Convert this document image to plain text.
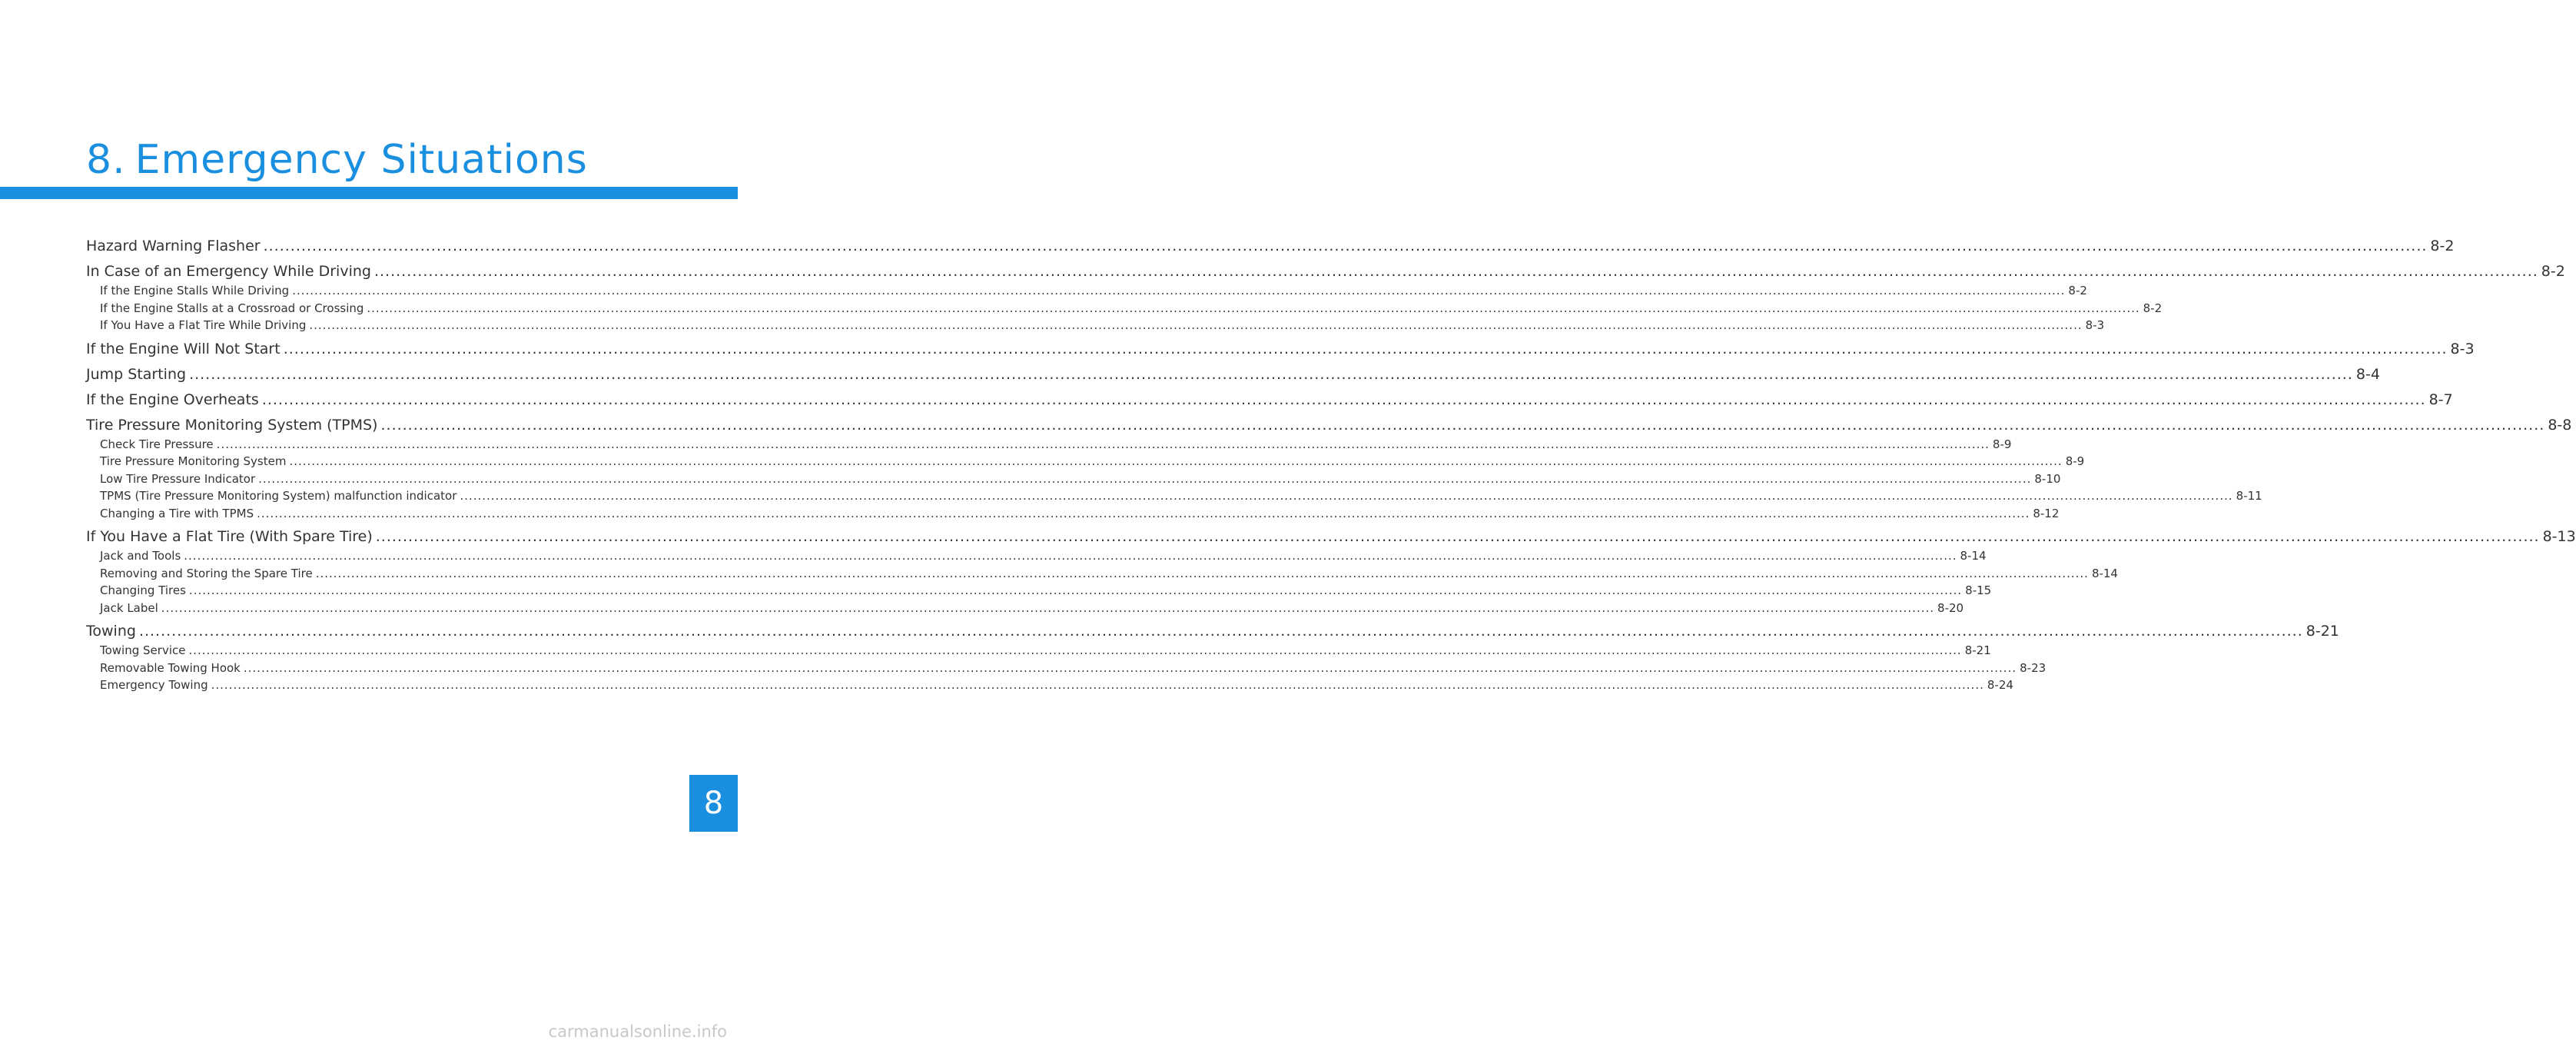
8. Emergency Situations
Hazard Warning Flasher ................................................................................................................................................................................................................................................................................................................................................................................................................ 8-2
In Case of an Emergency While Driving ................................................................................................................................................................................................................................................................................................................................................................................................................ 8-2
If the Engine Stalls While Driving ................................................................................................................................................................................................................................................................................................................................................................................................................ 8-2
If the Engine Stalls at a Crossroad or Crossing ................................................................................................................................................................................................................................................................................................................................................................................................................ 8-2
If You Have a Flat Tire While Driving ................................................................................................................................................................................................................................................................................................................................................................................................................ 8-3
If the Engine Will Not Start ................................................................................................................................................................................................................................................................................................................................................................................................................ 8-3
Jump Starting ................................................................................................................................................................................................................................................................................................................................................................................................................ 8-4
If the Engine Overheats ................................................................................................................................................................................................................................................................................................................................................................................................................ 8-7
Tire Pressure Monitoring System (TPMS) ................................................................................................................................................................................................................................................................................................................................................................................................................ 8-8
Check Tire Pressure ................................................................................................................................................................................................................................................................................................................................................................................................................ 8-9
Tire Pressure Monitoring System ................................................................................................................................................................................................................................................................................................................................................................................................................ 8-9
Low Tire Pressure Indicator ................................................................................................................................................................................................................................................................................................................................................................................................................ 8-10
TPMS (Tire Pressure Monitoring System) malfunction indicator ................................................................................................................................................................................................................................................................................................................................................................................................................ 8-11
Changing a Tire with TPMS ................................................................................................................................................................................................................................................................................................................................................................................................................ 8-12
If You Have a Flat Tire (With Spare Tire) ................................................................................................................................................................................................................................................................................................................................................................................................................ 8-13
Jack and Tools ................................................................................................................................................................................................................................................................................................................................................................................................................ 8-14
Removing and Storing the Spare Tire ................................................................................................................................................................................................................................................................................................................................................................................................................ 8-14
Changing Tires ................................................................................................................................................................................................................................................................................................................................................................................................................ 8-15
Jack Label ................................................................................................................................................................................................................................................................................................................................................................................................................ 8-20
Towing ................................................................................................................................................................................................................................................................................................................................................................................................................ 8-21
Towing Service ................................................................................................................................................................................................................................................................................................................................................................................................................ 8-21
Removable Towing Hook ................................................................................................................................................................................................................................................................................................................................................................................................................ 8-23
Emergency Towing ................................................................................................................................................................................................................................................................................................................................................................................................................ 8-24
8
carmanualsonline.info
